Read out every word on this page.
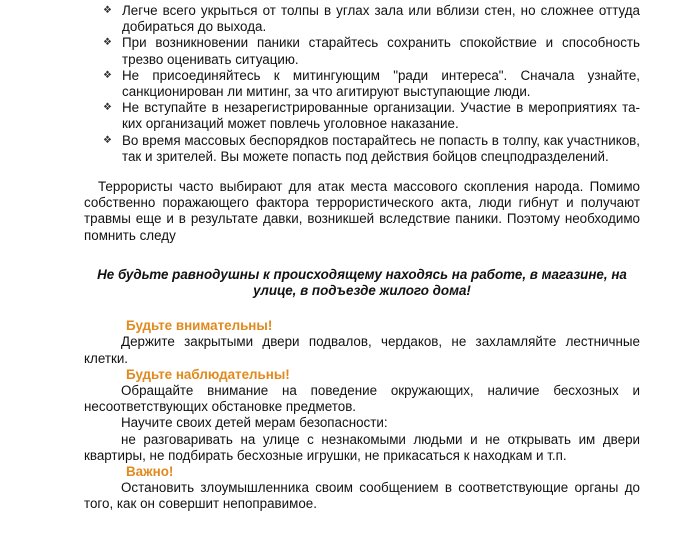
❖ Легче всего укрыться от толпы в углах зала или вблизи стен, но сложнее оттуда добираться до выхода.
❖ При возникновении паники старайтесь сохранить спокойствие и способность трезво оценивать ситуацию.
❖ Не присоединяйтесь к митингующим "ради интереса". Сначала узнайте, санкционирован ли митинг, за что агитируют выступающие люди.
❖ Не вступайте в незарегистрированные организации. Участие в мероприятиях та-ких организаций может повлечь уголовное наказание.
❖ Во время массовых беспорядков постарайтесь не попасть в толпу, как участников, так и зрителей. Вы можете попасть под действия бойцов спецподразделений.

Террористы часто выбирают для атак места массового скопления народа. Помимо собственно поражающего фактора террористического акта, люди гибнут и получают травмы еще и в результате давки, возникшей вследствие паники. Поэтому необходимо помнить следу

Не будьте равнодушны к происходящему находясь на работе, в магазине, на улице, в подъезде жилого дома!

Будьте внимательны!

Держите закрытыми двери подвалов, чердаков, не захламляйте лестничные клетки.

Будьте наблюдательны!

Обращайте внимание на поведение окружающих, наличие бесхозных и несоответствующих обстановке предметов.

Научите своих детей мерам безопасности:

не разговаривать на улице с незнакомыми людьми и не открывать им двери квартиры, не подбирать бесхозные игрушки, не прикасаться к находкам и т.п.

Важно!

Остановить злоумышленника своим сообщением в соответствующие органы до того, как он совершит непоправимое.
